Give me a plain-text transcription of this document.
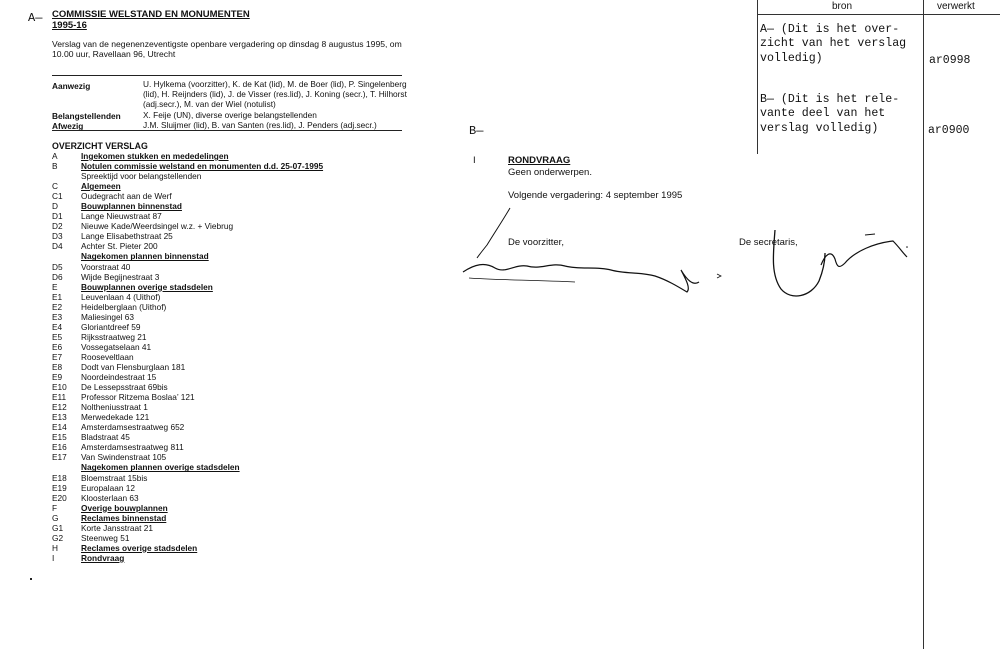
A— COMMISSIE WELSTAND EN MONUMENTEN
1995-16
Verslag van de negenenzeventigste openbare vergadering op dinsdag 8 augustus 1995, om
10.00 uur, Ravellaan 96, Utrecht
Aanwezig	U. Hylkema (voorzitter), K. de Kat (lid), M. de Boer (lid), P. Singelenberg
(lid), H. Reijnders (lid), J. de Visser (res.lid), J. Koning (secr.), T. Hilhorst
(adj.secr.), M. van der Wiel (notulist)
Belangstellenden	X. Feije (UN), diverse overige belangstellenden
Afwezig	J.M. Sluijmer (lid), B. van Santen (res.lid), J. Penders (adj.secr.)
OVERZICHT VERSLAG
A	Ingekomen stukken en mededelingen
B	Notulen commissie welstand en monumenten d.d. 25-07-1995
Spreektijd voor belangstellenden
C	Algemeen
C1	Oudegracht aan de Werf
D	Bouwplannen binnenstad
D1	Lange Nieuwstraat 87
D2	Nieuwe Kade/Weerdsingel w.z. + Viebrug
D3	Lange Elisabethstraat 25
D4	Achter St. Pieter 200
Nagekomen plannen binnenstad
D5	Voorstraat 40
D6	Wijde Begijnestraat 3
E	Bouwplannen overige stadsdelen
E1	Leuvenlaan 4 (Uithof)
E2	Heidelberglaan (Uithof)
E3	Maliesingel 63
E4	Gloriantdreef 59
E5	Rijksstraatweg 21
E6	Vossegatselaan 41
E7	Rooseveltlaan
E8	Dodt van Flensburglaan 181
E9	Noordeindestraat 15
E10	De Lessepsstraat 69bis
E11	Professor Ritzema Boslaa’ 121
E12	Noltheniusstraat 1
E13	Merwedekade 121
E14	Amsterdamsestraatweg 652
E15	Bladstraat 45
E16	Amsterdamsestraatweg 811
E17	Van Swindenstraat 105
Nagekomen plannen overige stadsdelen
E18	Bloemstraat 15bis
E19	Europalaan 12
E20	Kloosterlaan 63
F	Overige bouwplannen
G	Reclames binnenstad
G1	Korte Jansstraat 21
G2	Steenweg 51
H	Reclames overige stadsdelen
I	Rondvraag
B—
I	RONDVRAAG
Geen onderwerpen.
Volgende vergadering: 4 september 1995
De voorzitter,	De secretaris,
bron	verwerkt
A— (Dit is het over-
zicht van het verslag
volledig)	ar0998
B— (Dit is het rele-
vante deel van het
verslag volledig)	ar0900
